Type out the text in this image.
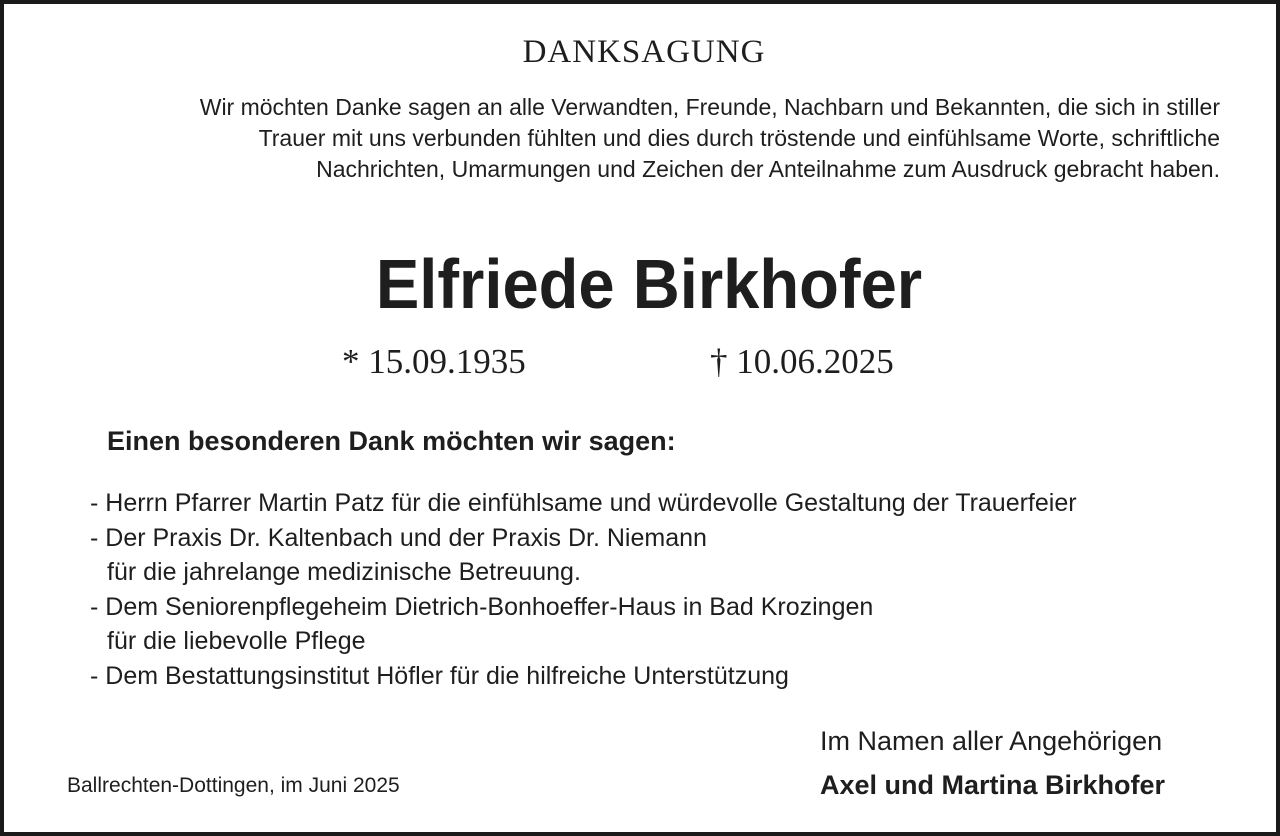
DANKSAGUNG
Wir möchten Danke sagen an alle Verwandten, Freunde, Nachbarn und Bekannten, die sich in stiller
Trauer mit uns verbunden fühlten und dies durch tröstende und einfühlsame Worte, schriftliche
Nachrichten, Umarmungen und Zeichen der Anteilnahme zum Ausdruck gebracht haben.
Elfriede Birkhofer
* 15.09.1935	† 10.06.2025
Einen besonderen Dank möchten wir sagen:
- Herrn Pfarrer Martin Patz für die einfühlsame und würdevolle Gestaltung der Trauerfeier
- Der Praxis Dr. Kaltenbach und der Praxis Dr. Niemann
für die jahrelange medizinische Betreuung.
- Dem Seniorenpflegeheim Dietrich-Bonhoeffer-Haus in Bad Krozingen
für die liebevolle Pflege
- Dem Bestattungsinstitut Höfler für die hilfreiche Unterstützung
Ballrechten-Dottingen, im Juni 2025
Im Namen aller Angehörigen
Axel und Martina Birkhofer
